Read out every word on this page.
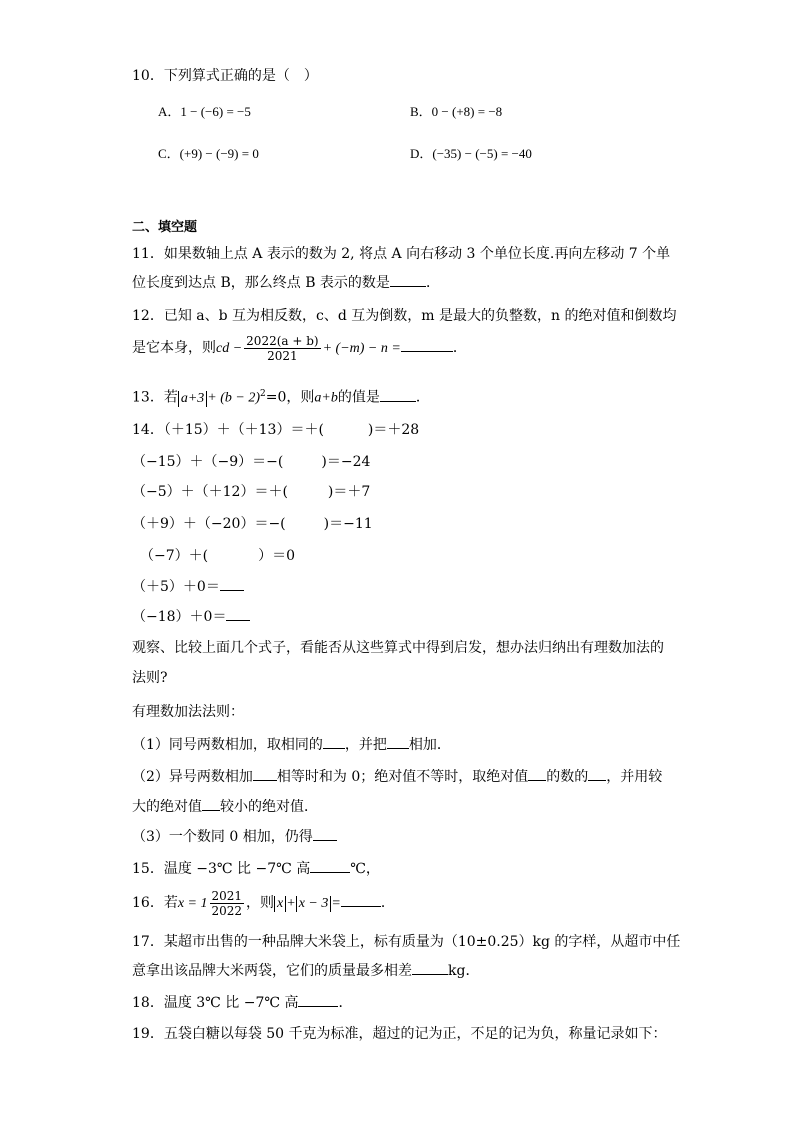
10．下列算式正确的是（　）
A．1 − (−6) = −5	B．0 − (+8) = −8
C．(+9) − (−9) = 0	D．(−35) − (−5) = −40
二、填空题
11．如果数轴上点 A 表示的数为 2, 将点 A 向右移动 3 个单位长度.再向左移动 7 个单
位长度到达点 B，那么终点 B 表示的数是	．
12．已知 a、b 互为相反数，c、d 互为倒数，m 是最大的负整数，n 的绝对值和倒数均
是它本身，则cd − $\frac{2022(a + b)}{2021} + (-m) - n$ =	．
13．若 $a+3 + (b - 2)^2=0$，则a+b的值是	．
14．（＋15）＋（＋13）＝＋(	)＝＋28
（−15）＋（−9）＝−(	)＝−24
（−5）＋（＋12）＝＋(	)＝＋7
（＋9）＋（−20）＝−(	)＝−11
（−7）＋(	）＝0
（＋5）＋0＝
（−18）＋0＝
观察、比较上面几个式子，看能否从这些算式中得到启发，想办法归纳出有理数加法的
法则?
有理数加法法则：
（1）同号两数相加，取相同的 ，并把 相加．
（2）异号两数相加 相等时和为 0；绝对值不等时，取绝对值 的数的 ，并用较
大的绝对值 较小的绝对值．
（3）一个数同 0 相加，仍得
15．温度 −3℃ 比 −7℃ 高	℃，
16．若$x = 1 \frac{2021}{2022}$ ，则 x + x − 3 =	．
17．某超市出售的一种品牌大米袋上，标有质量为（10±0.25）kg 的字样，从超市中任
意拿出该品牌大米两袋，它们的质量最多相差	kg．
18．温度 3℃ 比 −7℃ 高	．
19．五袋白糖以每袋 50 千克为标准，超过的记为正，不足的记为负，称量记录如下：
